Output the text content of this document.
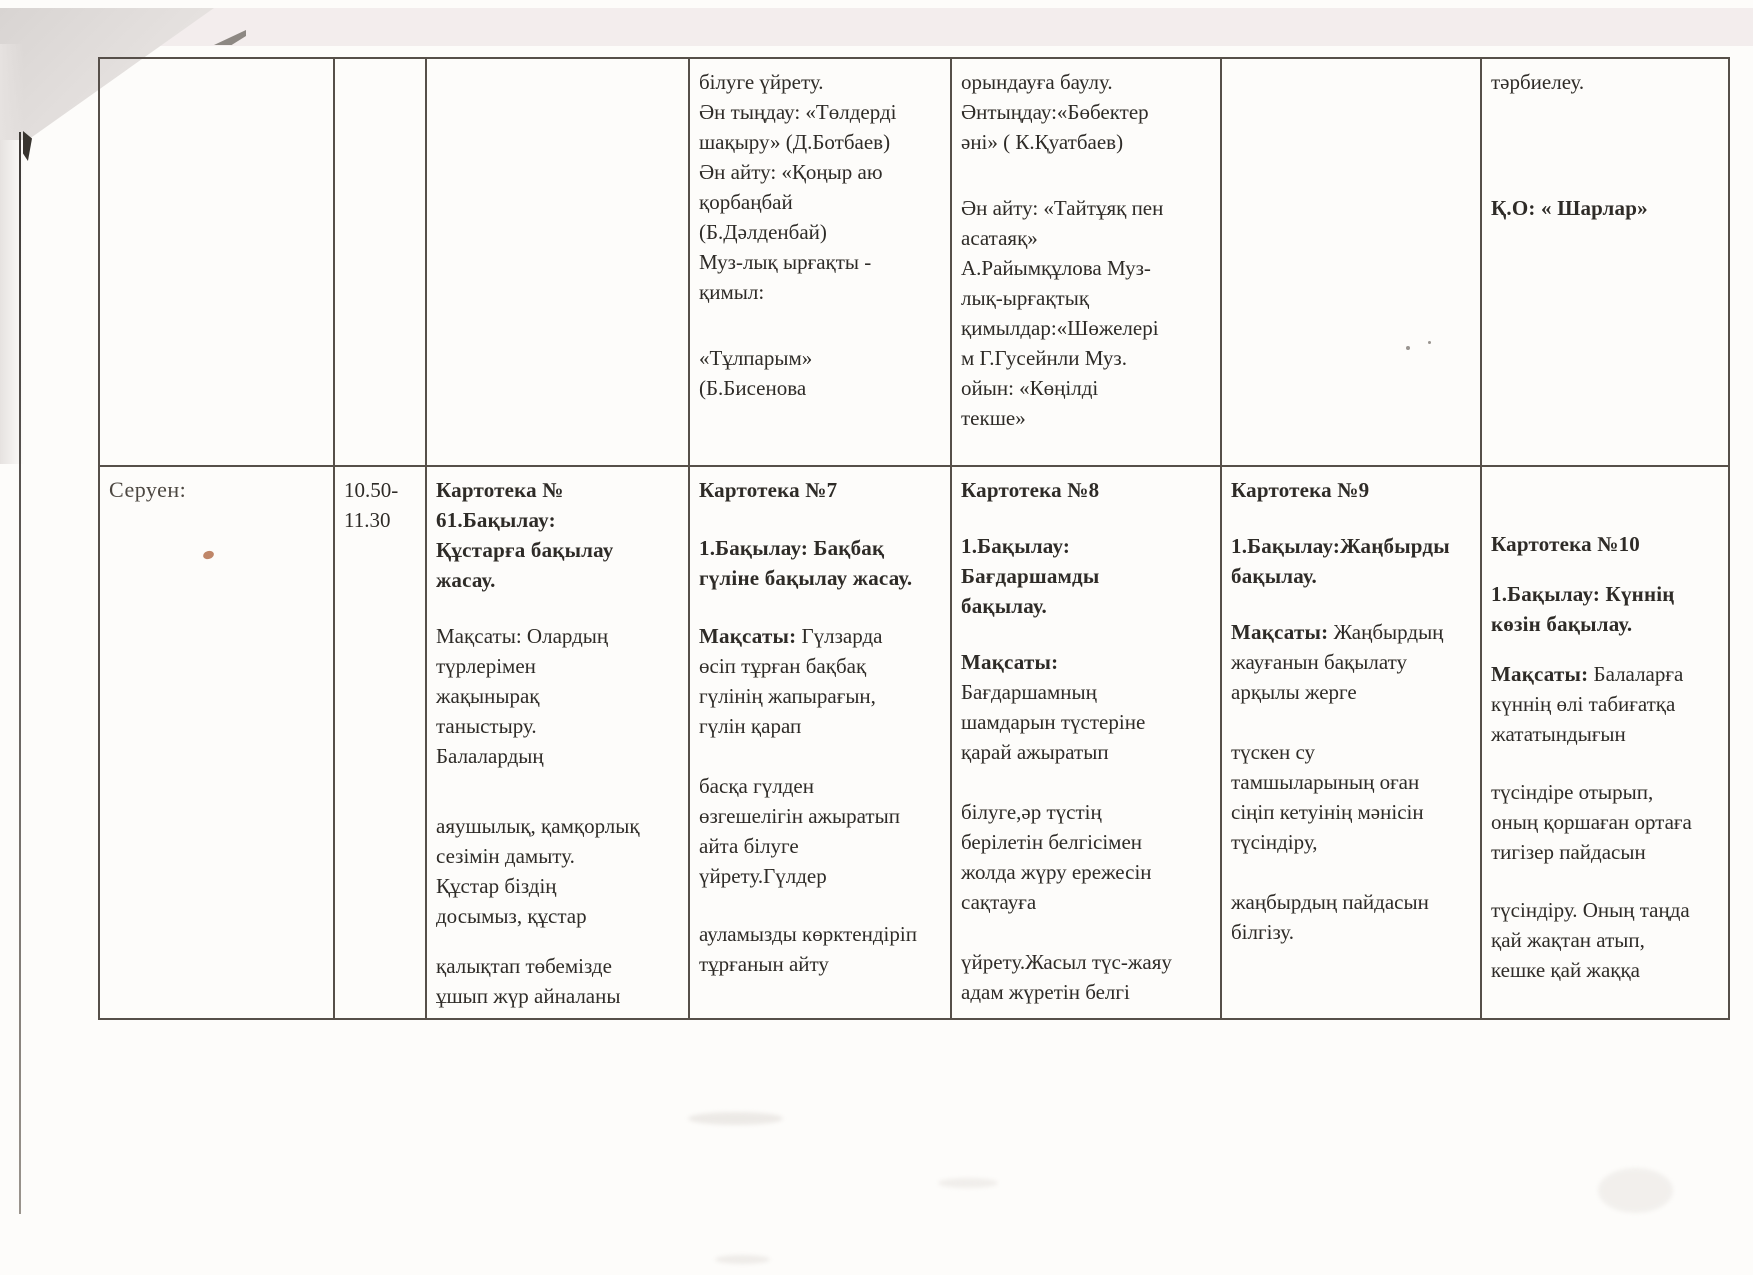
білуге үйрету.

Ән тыңдау: «Төлдерді

шақыру» (Д.Ботбаев)

Ән айту: «Қоңыр аю

қорбаңбай

(Б.Дәлденбай)

Муз-лық ырғақты -

қимыл:

«Тұлпарым»

(Б.Бисенова

орындауға баулу.

Әнтыңдау:«Бөбектер

әні» ( К.Қуатбаев)

Ән айту: «Тайтұяқ пен

асатаяқ»

А.Райымқұлова Муз-

лық-ырғақтық

қимылдар:«Шөжелері

м Г.Гусейнли Муз.

ойын: «Көңілді

текше»

тәрбиелеу.

Қ.О: « Шарлар»

Серуен:	10.50-11.30

Картотека №

61.Бақылау:

Құстарға бақылау

жасау.

Мақсаты: Олардың

түрлерімен

жақынырақ

таныстыру.

Балалардың

аяушылық, қамқорлық

сезімін дамыту.

Құстар біздің

досымыз, құстар

қалықтап төбемізде

ұшып жүр айналаны

Картотека №7

1.Бақылау: Бақбақ

гүліне бақылау жасау.

Мақсаты: Гүлзарда

өсіп тұрған бақбақ

гүлінің жапырағын,

гүлін қарап

басқа гүлден

өзгешелігін ажыратып

айта білуге

үйрету.Гүлдер

ауламызды көрктендіріп

тұрғанын айту

Картотека №8

1.Бақылау:

Бағдаршамды

бақылау.

Мақсаты:

Бағдаршамның

шамдарын түстеріне

қарай ажыратып

білуге,әр түстің

берілетін белгісімен

жолда жүру ережесін

сақтауға

үйрету.Жасыл түс-жаяу

адам жүретін белгі

Картотека №9

1.Бақылау:Жаңбырды

бақылау.

Мақсаты: Жаңбырдың

жауғанын бақылату

арқылы жерге

түскен су

тамшыларының оған

сіңіп кетуінің мәнісін

түсіндіру,

жаңбырдың пайдасын

білгізу.

Картотека №10

1.Бақылау: Күннің

көзін бақылау.

Мақсаты: Балаларға

күннің өлі табиғатқа

жататындығын

түсіндіре отырып,

оның қоршаған ортаға

тигізер пайдасын

түсіндіру. Оның таңда

қай жақтан атып,

кешке қай жаққа
